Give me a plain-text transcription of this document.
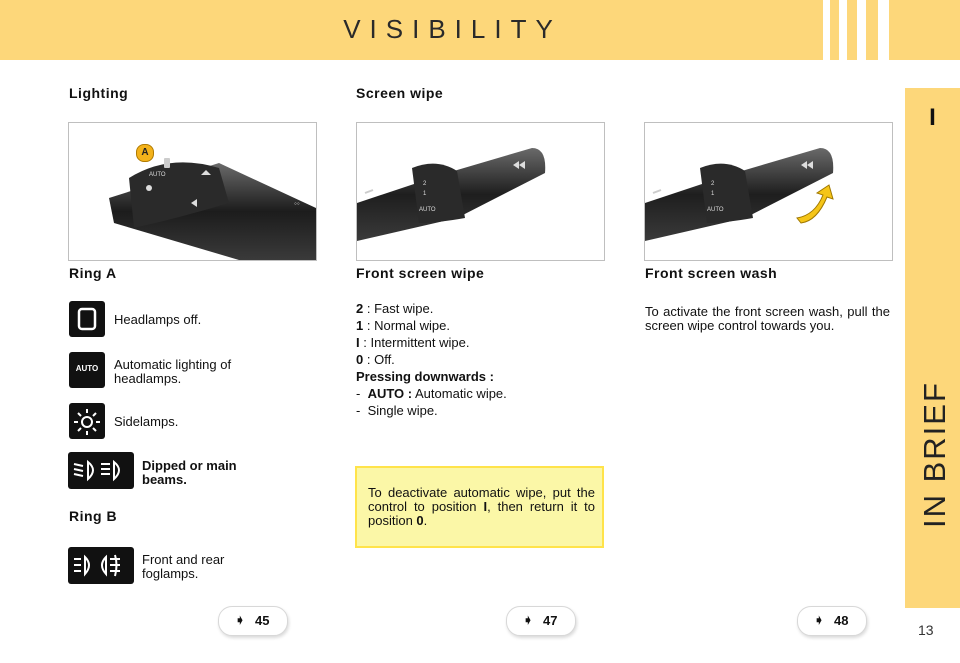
VISIBILITY
I
IN BRIEF
Lighting
AUTO
◦◦
A
Ring A
Headlamps off.
AUTO	Automatic lighting of headlamps.
Sidelamps.
Dipped or main beams.
Ring B
Front and rear foglamps.
Screen wipe
2
1
AUTO
Front screen wipe
2 : Fast wipe.
1 : Normal wipe.
I : Intermittent wipe.
0 : Off.
Pressing downwards :
-  AUTO : Automatic wipe.
-  Single wipe.
To deactivate automatic wipe, put the control to position I, then return it to position 0.
2
1
AUTO
Front screen wash
To activate the front screen wash, pull the screen wipe control towards you.
➧ 45	➧ 47	➧ 48
13
